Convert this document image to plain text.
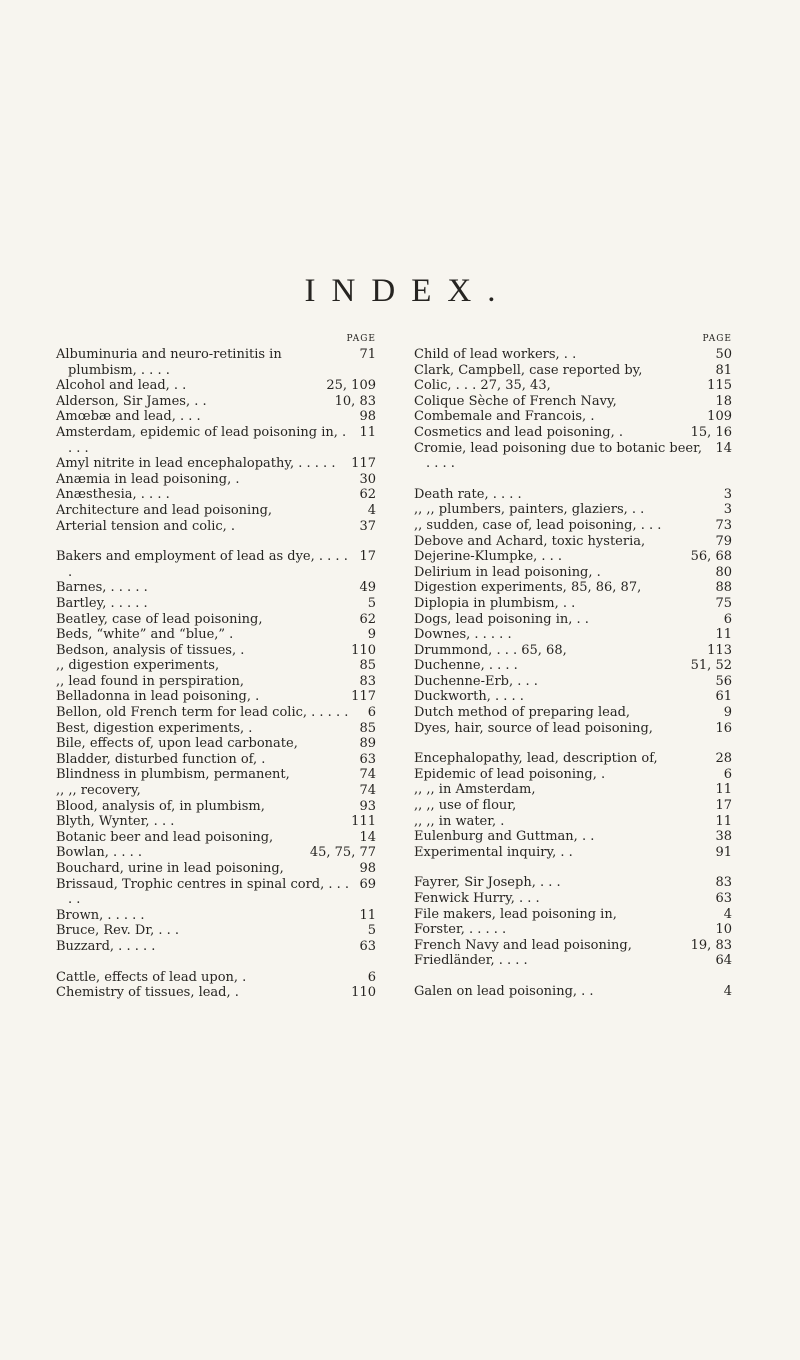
INDEX.
PAGE
71
Albuminuria and neuro-retinitis in plumbism, . . . .
25, 109
Alcohol and lead, . .
10, 83
Alderson, Sir James, . .
98
Amœbæ and lead, . . .
11
Amsterdam, epidemic of lead poisoning in, . . . .
117
Amyl nitrite in lead encephalopathy, . . . . .
30
Anæmia in lead poisoning, .
62
Anæsthesia, . . . .
4
Architecture and lead poisoning,
37
Arterial tension and colic, .
17
Bakers and employment of lead as dye, . . . . .
49
Barnes, . . . . .
5
Bartley, . . . . .
62
Beatley, case of lead poisoning,
9
Beds, “white” and “blue,” .
110
Bedson, analysis of tissues, .
85
,, digestion experiments,
83
,, lead found in perspiration,
117
Belladonna in lead poisoning, .
6
Bellon, old French term for lead colic, . . . . .
85
Best, digestion experiments, .
89
Bile, effects of, upon lead carbonate,
63
Bladder, disturbed function of, .
74
Blindness in plumbism, permanent,
74
,, ,, recovery,
93
Blood, analysis of, in plumbism,
111
Blyth, Wynter, . . .
14
Botanic beer and lead poisoning,
45, 75, 77
Bowlan, . . . .
98
Bouchard, urine in lead poisoning,
69
Brissaud, Trophic centres in spinal cord, . . . . .
11
Brown, . . . . .
5
Bruce, Rev. Dr, . . .
63
Buzzard, . . . . .
6
Cattle, effects of lead upon, .
110
Chemistry of tissues, lead, .
PAGE
50
Child of lead workers, . .
81
Clark, Campbell, case reported by,
115
Colic, . . . 27, 35, 43,
18
Colique Sèche of French Navy,
109
Combemale and Francois, .
15, 16
Cosmetics and lead poisoning, .
14
Cromie, lead poisoning due to botanic beer, . . . .
3
Death rate, . . . .
3
,, ,, plumbers, painters, glaziers, . .
73
,, sudden, case of, lead poisoning, . . .
79
Debove and Achard, toxic hysteria,
56, 68
Dejerine-Klumpke, . . .
80
Delirium in lead poisoning, .
88
Digestion experiments, 85, 86, 87,
75
Diplopia in plumbism, . .
6
Dogs, lead poisoning in, . .
11
Downes, . . . . .
113
Drummond, . . . 65, 68,
51, 52
Duchenne, . . . .
56
Duchenne-Erb, . . .
61
Duckworth, . . . .
9
Dutch method of preparing lead,
16
Dyes, hair, source of lead poisoning,
28
Encephalopathy, lead, description of,
6
Epidemic of lead poisoning, .
11
,, ,, in Amsterdam,
17
,, ,, use of flour,
11
,, ,, in water, .
38
Eulenburg and Guttman, . .
91
Experimental inquiry, . .
83
Fayrer, Sir Joseph, . . .
63
Fenwick Hurry, . . .
4
File makers, lead poisoning in,
10
Forster, . . . . .
19, 83
French Navy and lead poisoning,
64
Friedländer, . . . .
4
Galen on lead poisoning, . .
